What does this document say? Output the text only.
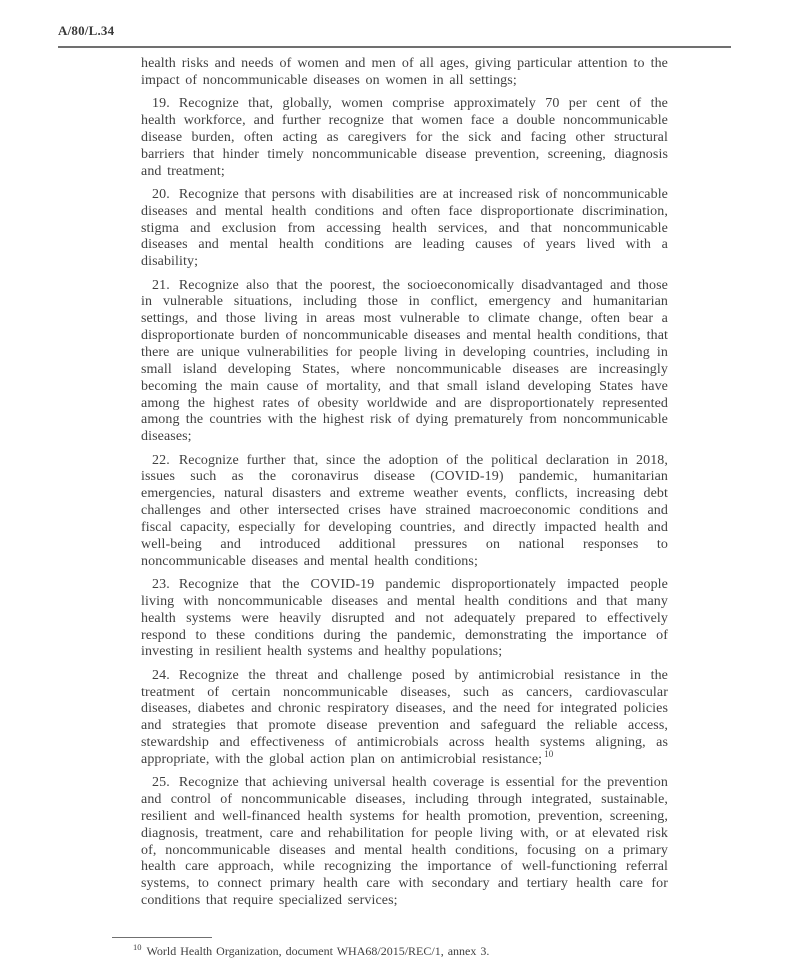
A/80/L.34

health risks and needs of women and men of all ages, giving particular attention to the impact of noncommunicable diseases on women in all settings;

19. Recognize that, globally, women comprise approximately 70 per cent of the health workforce, and further recognize that women face a double noncommunicable disease burden, often acting as caregivers for the sick and facing other structural barriers that hinder timely noncommunicable disease prevention, screening, diagnosis and treatment;

20. Recognize that persons with disabilities are at increased risk of noncommunicable diseases and mental health conditions and often face disproportionate discrimination, stigma and exclusion from accessing health services, and that noncommunicable diseases and mental health conditions are leading causes of years lived with a disability;

21. Recognize also that the poorest, the socioeconomically disadvantaged and those in vulnerable situations, including those in conflict, emergency and humanitarian settings, and those living in areas most vulnerable to climate change, often bear a disproportionate burden of noncommunicable diseases and mental health conditions, that there are unique vulnerabilities for people living in developing countries, including in small island developing States, where noncommunicable diseases are increasingly becoming the main cause of mortality, and that small island developing States have among the highest rates of obesity worldwide and are disproportionately represented among the countries with the highest risk of dying prematurely from noncommunicable diseases;

22. Recognize further that, since the adoption of the political declaration in 2018, issues such as the coronavirus disease (COVID-19) pandemic, humanitarian emergencies, natural disasters and extreme weather events, conflicts, increasing debt challenges and other intersected crises have strained macroeconomic conditions and fiscal capacity, especially for developing countries, and directly impacted health and well-being and introduced additional pressures on national responses to noncommunicable diseases and mental health conditions;

23. Recognize that the COVID-19 pandemic disproportionately impacted people living with noncommunicable diseases and mental health conditions and that many health systems were heavily disrupted and not adequately prepared to effectively respond to these conditions during the pandemic, demonstrating the importance of investing in resilient health systems and healthy populations;

24. Recognize the threat and challenge posed by antimicrobial resistance in the treatment of certain noncommunicable diseases, such as cancers, cardiovascular diseases, diabetes and chronic respiratory diseases, and the need for integrated policies and strategies that promote disease prevention and safeguard the reliable access, stewardship and effectiveness of antimicrobials across health systems aligning, as appropriate, with the global action plan on antimicrobial resistance; $^{10}$

25. Recognize that achieving universal health coverage is essential for the prevention and control of noncommunicable diseases, including through integrated, sustainable, resilient and well-financed health systems for health promotion, prevention, screening, diagnosis, treatment, care and rehabilitation for people living with, or at elevated risk of, noncommunicable diseases and mental health conditions, focusing on a primary health care approach, while recognizing the importance of well-functioning referral systems, to connect primary health care with secondary and tertiary health care for conditions that require specialized services;

$^{10}$ World Health Organization, document WHA68/2015/REC/1, annex 3.
